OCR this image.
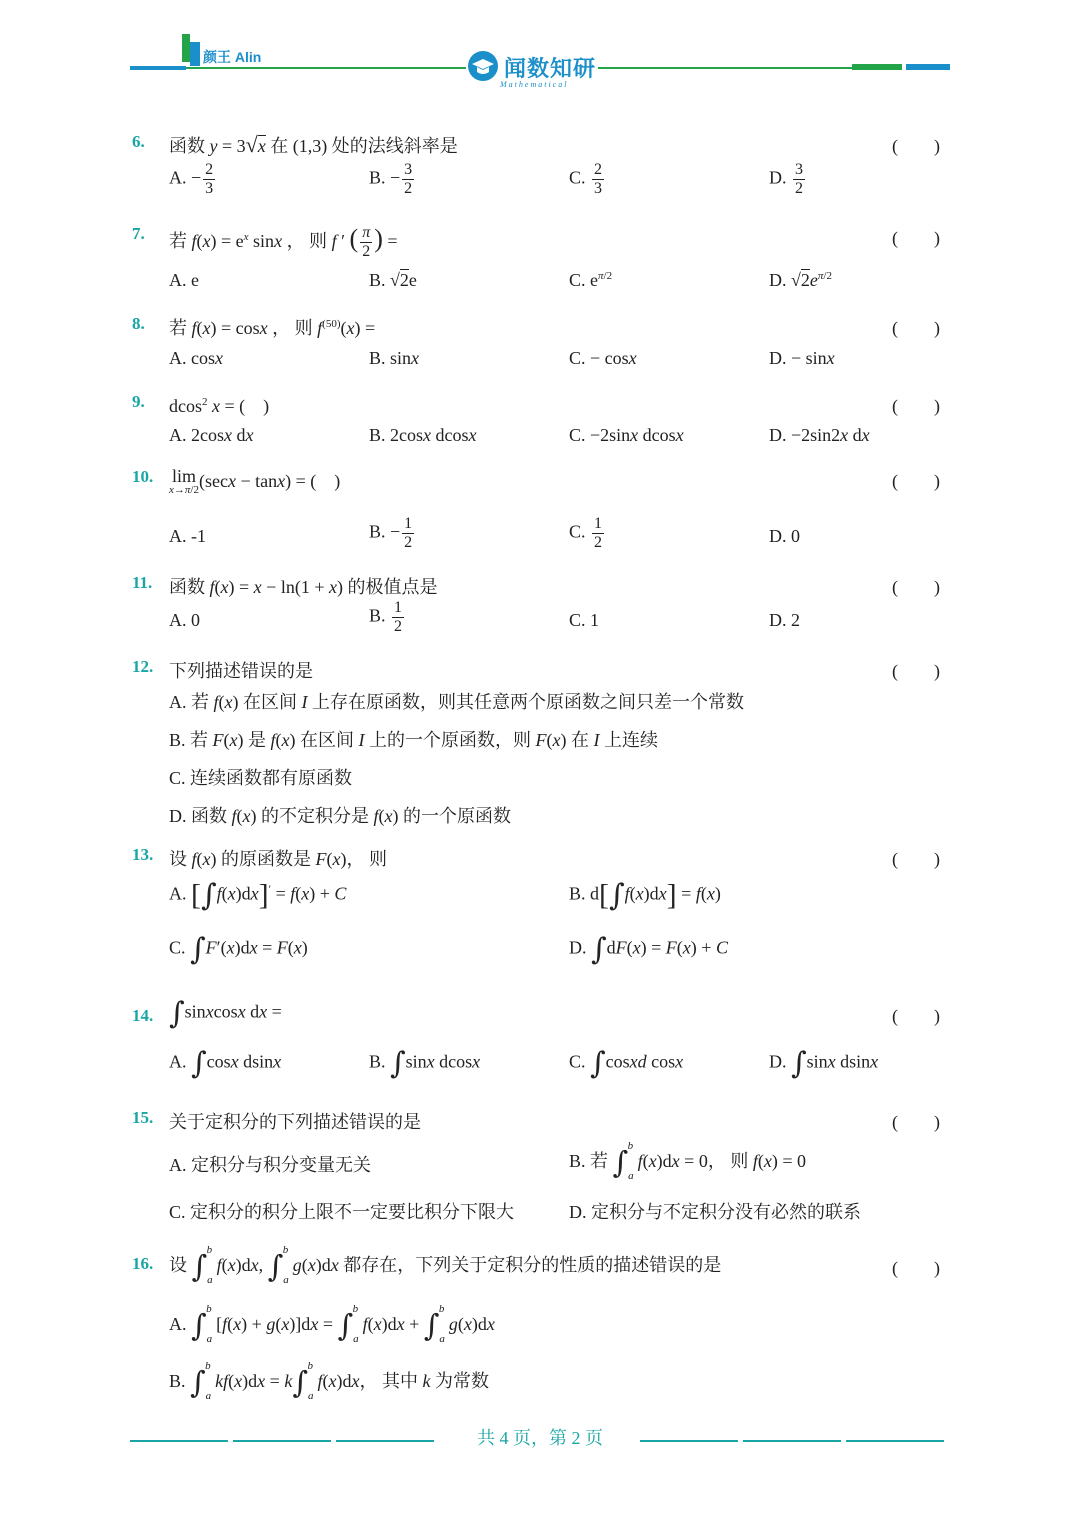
颜王 Alin	闻数知研
Mathematical
6. 函数 y = 3√x 在 (1,3) 处的法线斜率是	(　　)
A. − $\frac{2}{3}$	B. − $\frac{3}{2}$	C. $\frac{2}{3}$	D. $\frac{3}{2}$
7. 若 $f(x) = e^x$ sinx ， 则 f ′ ( $\frac{\pi}{2}$ ) =	(　　)
A. e	B. √2e	C. $e^{\pi/2}$	D. $√2e^{\pi/2}$
8. 若 f(x) = cosx ， 则 $f^{(50)}(x)$ =	(　　)
A. cosx	B. sinx	C. − cosx	D. − sinx
9. dcos$^2$ x = (　)	(　　)
A. 2cosx dx	B. 2cosx dcosx	C. −2sinx dcosx	D. −2sin2x dx
10. lim
x→π/2 (secx − tanx) = (　)	(　　)
A. -1	B. − $\frac{1}{2}$	C. $\frac{1}{2}$	D. 0
11. 函数 f(x) = x − ln(1 + x) 的极值点是	(　　)
A. 0	B. $\frac{1}{2}$	C. 1	D. 2
12. 下列描述错误的是	(　　)
A. 若 f(x) 在区间 I 上存在原函数，则其任意两个原函数之间只差一个常数
B. 若 F(x) 是 f(x) 在区间 I 上的一个原函数，则 F(x) 在 I 上连续
C. 连续函数都有原函数
D. 函数 f(x) 的不定积分是 f(x) 的一个原函数
13. 设 f(x) 的原函数是 F(x)， 则	(　　)
A. [∫f(x)dx]′ = f(x) + C	B. d[∫f(x)dx] = f(x)
C. ∫F′(x)dx = F(x)	D. ∫dF(x) = F(x) + C
14. ∫sinxcosx dx =	(　　)
A. ∫cosx dsinx	B. ∫sinx dcosx	C. ∫cosxd cosx	D. ∫sinx dsinx
15. 关于定积分的下列描述错误的是	(　　)
A. 定积分与积分变量无关	B. 若 $\int_a^b$ f(x)dx = 0， 则 f(x) = 0
C. 定积分的积分上限不一定要比积分下限大	D. 定积分与不定积分没有必然的联系
16. 设 $\int_a^b$ f(x)dx, $\int_a^b$ g(x)dx 都存在，下列关于定积分的性质的描述错误的是	(　　)
A. $\int_a^b$ $[f(x) + g(x)]dx = \int_a^b$ $f(x)dx + \int_a^b$ g(x)dx
B. $\int_a^b$ $kf(x)dx = k\int_a^b$ f(x)dx， 其中 k 为常数
共 4 页，第 2 页
